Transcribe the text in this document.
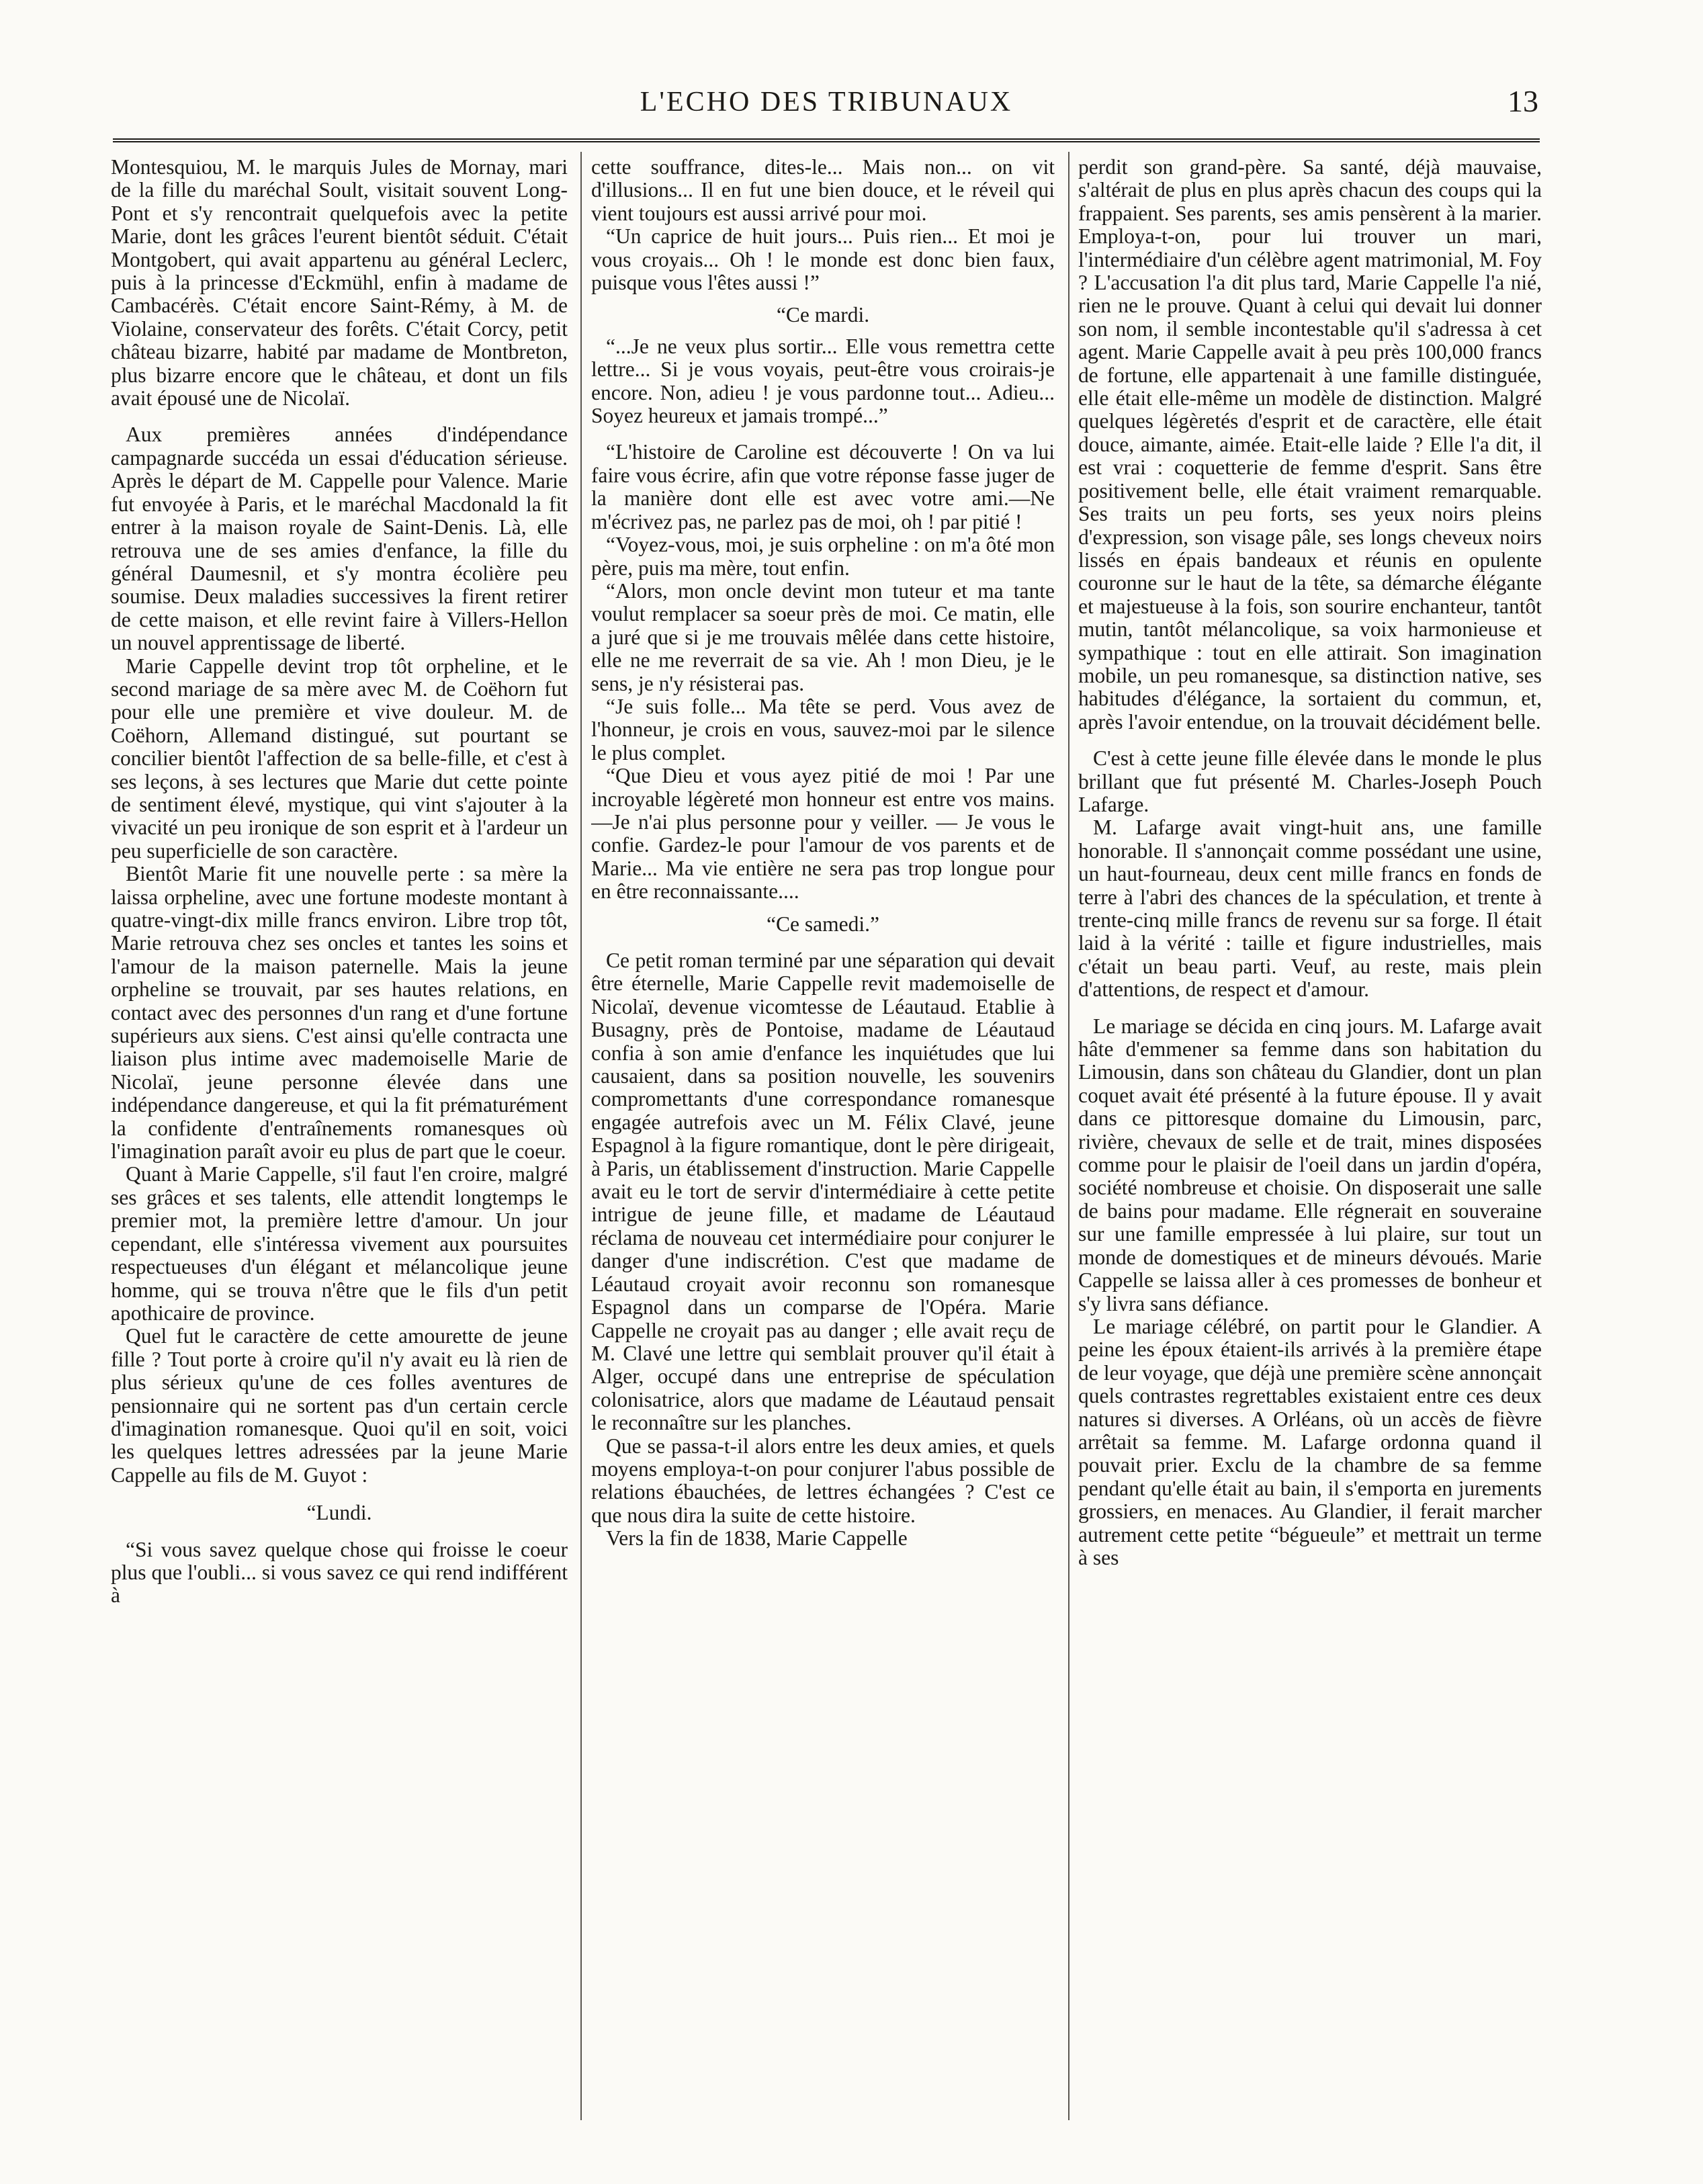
L'ECHO DES TRIBUNAUX	13

Montesquiou, M. le marquis Jules de Mornay, mari de la fille du maréchal Soult, visitait souvent Long-Pont et s'y rencontrait quelquefois avec la petite Marie, dont les grâces l'eurent bientôt séduit. C'était Montgobert, qui avait appartenu au général Leclerc, puis à la princesse d'Eckmühl, enfin à madame de Cambacérès. C'était encore Saint-Rémy, à M. de Violaine, conservateur des forêts. C'était Corcy, petit château bizarre, habité par madame de Montbreton, plus bizarre encore que le château, et dont un fils avait épousé une de Nicolaï.

Aux premières années d'indépendance campagnarde succéda un essai d'éducation sérieuse. Après le départ de M. Cappelle pour Valence. Marie fut envoyée à Paris, et le maréchal Macdonald la fit entrer à la maison royale de Saint-Denis. Là, elle retrouva une de ses amies d'enfance, la fille du général Daumesnil, et s'y montra écolière peu soumise. Deux maladies successives la firent retirer de cette maison, et elle revint faire à Villers-Hellon un nouvel apprentissage de liberté.

Marie Cappelle devint trop tôt orpheline, et le second mariage de sa mère avec M. de Coëhorn fut pour elle une première et vive douleur. M. de Coëhorn, Allemand distingué, sut pourtant se concilier bientôt l'affection de sa belle-fille, et c'est à ses leçons, à ses lectures que Marie dut cette pointe de sentiment élevé, mystique, qui vint s'ajouter à la vivacité un peu ironique de son esprit et à l'ardeur un peu superficielle de son caractère.

Bientôt Marie fit une nouvelle perte : sa mère la laissa orpheline, avec une fortune modeste montant à quatre-vingt-dix mille francs environ. Libre trop tôt, Marie retrouva chez ses oncles et tantes les soins et l'amour de la maison paternelle. Mais la jeune orpheline se trouvait, par ses hautes relations, en contact avec des personnes d'un rang et d'une fortune supérieurs aux siens. C'est ainsi qu'elle contracta une liaison plus intime avec mademoiselle Marie de Nicolaï, jeune personne élevée dans une indépendance dangereuse, et qui la fit prématurément la confidente d'entraînements romanesques où l'imagination paraît avoir eu plus de part que le coeur.

Quant à Marie Cappelle, s'il faut l'en croire, malgré ses grâces et ses talents, elle attendit longtemps le premier mot, la première lettre d'amour. Un jour cependant, elle s'intéressa vivement aux poursuites respectueuses d'un élégant et mélancolique jeune homme, qui se trouva n'être que le fils d'un petit apothicaire de province.

Quel fut le caractère de cette amourette de jeune fille ? Tout porte à croire qu'il n'y avait eu là rien de plus sérieux qu'une de ces folles aventures de pensionnaire qui ne sortent pas d'un certain cercle d'imagination romanesque. Quoi qu'il en soit, voici les quelques lettres adressées par la jeune Marie Cappelle au fils de M. Guyot :

“Lundi.

“Si vous savez quelque chose qui froisse le coeur plus que l'oubli... si vous savez ce qui rend indifférent à

cette souffrance, dites-le... Mais non... on vit d'illusions... Il en fut une bien douce, et le réveil qui vient toujours est aussi arrivé pour moi.

“Un caprice de huit jours... Puis rien... Et moi je vous croyais... Oh ! le monde est donc bien faux, puisque vous l'êtes aussi !”

“Ce mardi.

“...Je ne veux plus sortir... Elle vous remettra cette lettre... Si je vous voyais, peut-être vous croirais-je encore. Non, adieu ! je vous pardonne tout... Adieu... Soyez heureux et jamais trompé...”

“L'histoire de Caroline est découverte ! On va lui faire vous écrire, afin que votre réponse fasse juger de la manière dont elle est avec votre ami.—Ne m'écrivez pas, ne parlez pas de moi, oh ! par pitié !

“Voyez-vous, moi, je suis orpheline : on m'a ôté mon père, puis ma mère, tout enfin.

“Alors, mon oncle devint mon tuteur et ma tante voulut remplacer sa soeur près de moi. Ce matin, elle a juré que si je me trouvais mêlée dans cette histoire, elle ne me reverrait de sa vie. Ah ! mon Dieu, je le sens, je n'y résisterai pas.

“Je suis folle... Ma tête se perd. Vous avez de l'honneur, je crois en vous, sauvez-moi par le silence le plus complet.

“Que Dieu et vous ayez pitié de moi ! Par une incroyable légèreté mon honneur est entre vos mains. —Je n'ai plus personne pour y veiller. — Je vous le confie. Gardez-le pour l'amour de vos parents et de Marie... Ma vie entière ne sera pas trop longue pour en être reconnaissante....

“Ce samedi.”

Ce petit roman terminé par une séparation qui devait être éternelle, Marie Cappelle revit mademoiselle de Nicolaï, devenue vicomtesse de Léautaud. Etablie à Busagny, près de Pontoise, madame de Léautaud confia à son amie d'enfance les inquiétudes que lui causaient, dans sa position nouvelle, les souvenirs compromettants d'une correspondance romanesque engagée autrefois avec un M. Félix Clavé, jeune Espagnol à la figure romantique, dont le père dirigeait, à Paris, un établissement d'instruction. Marie Cappelle avait eu le tort de servir d'intermédiaire à cette petite intrigue de jeune fille, et madame de Léautaud réclama de nouveau cet intermédiaire pour conjurer le danger d'une indiscrétion. C'est que madame de Léautaud croyait avoir reconnu son romanesque Espagnol dans un comparse de l'Opéra. Marie Cappelle ne croyait pas au danger ; elle avait reçu de M. Clavé une lettre qui semblait prouver qu'il était à Alger, occupé dans une entreprise de spéculation colonisatrice, alors que madame de Léautaud pensait le reconnaître sur les planches.

Que se passa-t-il alors entre les deux amies, et quels moyens employa-t-on pour conjurer l'abus possible de relations ébauchées, de lettres échangées ? C'est ce que nous dira la suite de cette histoire.

Vers la fin de 1838, Marie Cappelle

perdit son grand-père. Sa santé, déjà mauvaise, s'altérait de plus en plus après chacun des coups qui la frappaient. Ses parents, ses amis pensèrent à la marier. Employa-t-on, pour lui trouver un mari, l'intermédiaire d'un célèbre agent matrimonial, M. Foy ? L'accusation l'a dit plus tard, Marie Cappelle l'a nié, rien ne le prouve. Quant à celui qui devait lui donner son nom, il semble incontestable qu'il s'adressa à cet agent. Marie Cappelle avait à peu près 100,000 francs de fortune, elle appartenait à une famille distinguée, elle était elle-même un modèle de distinction. Malgré quelques légèretés d'esprit et de caractère, elle était douce, aimante, aimée. Etait-elle laide ? Elle l'a dit, il est vrai : coquetterie de femme d'esprit. Sans être positivement belle, elle était vraiment remarquable. Ses traits un peu forts, ses yeux noirs pleins d'expression, son visage pâle, ses longs cheveux noirs lissés en épais bandeaux et réunis en opulente couronne sur le haut de la tête, sa démarche élégante et majestueuse à la fois, son sourire enchanteur, tantôt mutin, tantôt mélancolique, sa voix harmonieuse et sympathique : tout en elle attirait. Son imagination mobile, un peu romanesque, sa distinction native, ses habitudes d'élégance, la sortaient du commun, et, après l'avoir entendue, on la trouvait décidément belle.

C'est à cette jeune fille élevée dans le monde le plus brillant que fut présenté M. Charles-Joseph Pouch Lafarge.

M. Lafarge avait vingt-huit ans, une famille honorable. Il s'annonçait comme possédant une usine, un haut-fourneau, deux cent mille francs en fonds de terre à l'abri des chances de la spéculation, et trente à trente-cinq mille francs de revenu sur sa forge. Il était laid à la vérité : taille et figure industrielles, mais c'était un beau parti. Veuf, au reste, mais plein d'attentions, de respect et d'amour.

Le mariage se décida en cinq jours. M. Lafarge avait hâte d'emmener sa femme dans son habitation du Limousin, dans son château du Glandier, dont un plan coquet avait été présenté à la future épouse. Il y avait dans ce pittoresque domaine du Limousin, parc, rivière, chevaux de selle et de trait, mines disposées comme pour le plaisir de l'oeil dans un jardin d'opéra, société nombreuse et choisie. On disposerait une salle de bains pour madame. Elle régnerait en souveraine sur une famille empressée à lui plaire, sur tout un monde de domestiques et de mineurs dévoués. Marie Cappelle se laissa aller à ces promesses de bonheur et s'y livra sans défiance.

Le mariage célébré, on partit pour le Glandier. A peine les époux étaient-ils arrivés à la première étape de leur voyage, que déjà une première scène annonçait quels contrastes regrettables existaient entre ces deux natures si diverses. A Orléans, où un accès de fièvre arrêtait sa femme. M. Lafarge ordonna quand il pouvait prier. Exclu de la chambre de sa femme pendant qu'elle était au bain, il s'emporta en jurements grossiers, en menaces. Au Glandier, il ferait marcher autrement cette petite “bégueule” et mettrait un terme à ses
